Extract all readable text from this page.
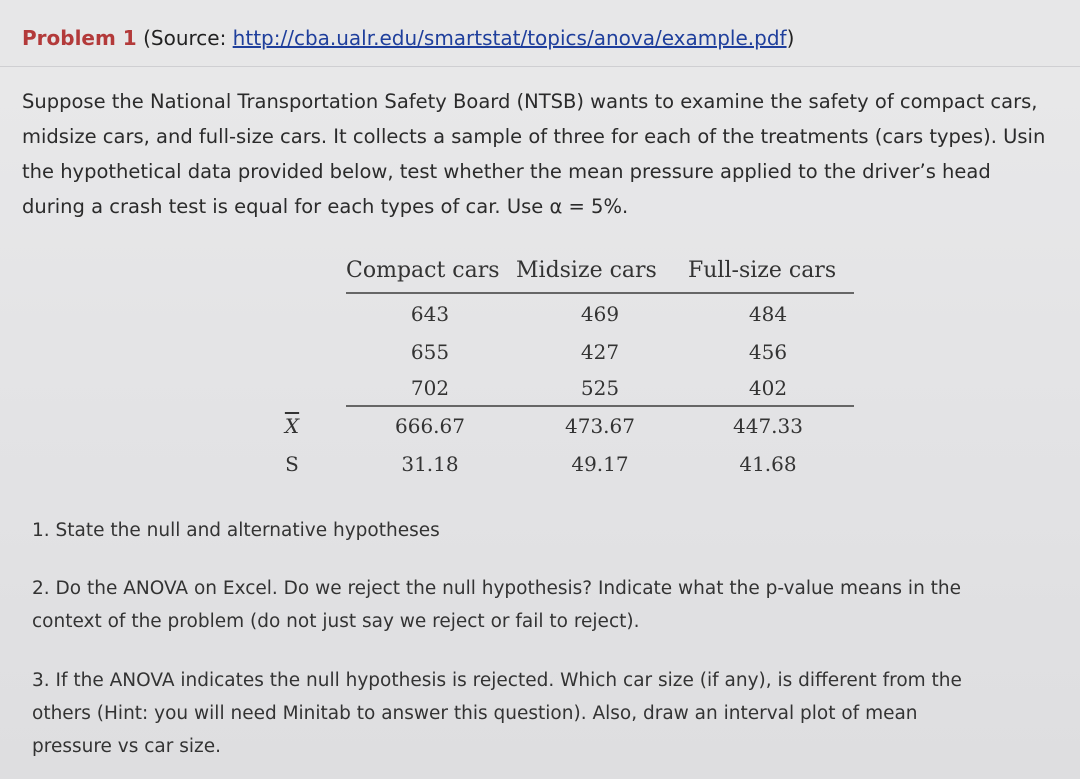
Problem 1 (Source: http://cba.ualr.edu/smartstat/topics/anova/example.pdf)
Suppose the National Transportation Safety Board (NTSB) wants to examine the safety of compact cars,
midsize cars, and full-size cars. It collects a sample of three for each of the treatments (cars types). Usin
the hypothetical data provided below, test whether the mean pressure applied to the driver’s head
during a crash test is equal for each types of car. Use α = 5%.
Compact cars Midsize cars Full-size cars
643	469	484
655	427	456
702	525	402
$\overline{X}$	666.67	473.67	447.33
S	31.18	49.17	41.68
1. State the null and alternative hypotheses
2. Do the ANOVA on Excel. Do we reject the null hypothesis? Indicate what the p-value means in the
context of the problem (do not just say we reject or fail to reject).
3. If the ANOVA indicates the null hypothesis is rejected. Which car size (if any), is different from the
others (Hint: you will need Minitab to answer this question). Also, draw an interval plot of mean
pressure vs car size.
